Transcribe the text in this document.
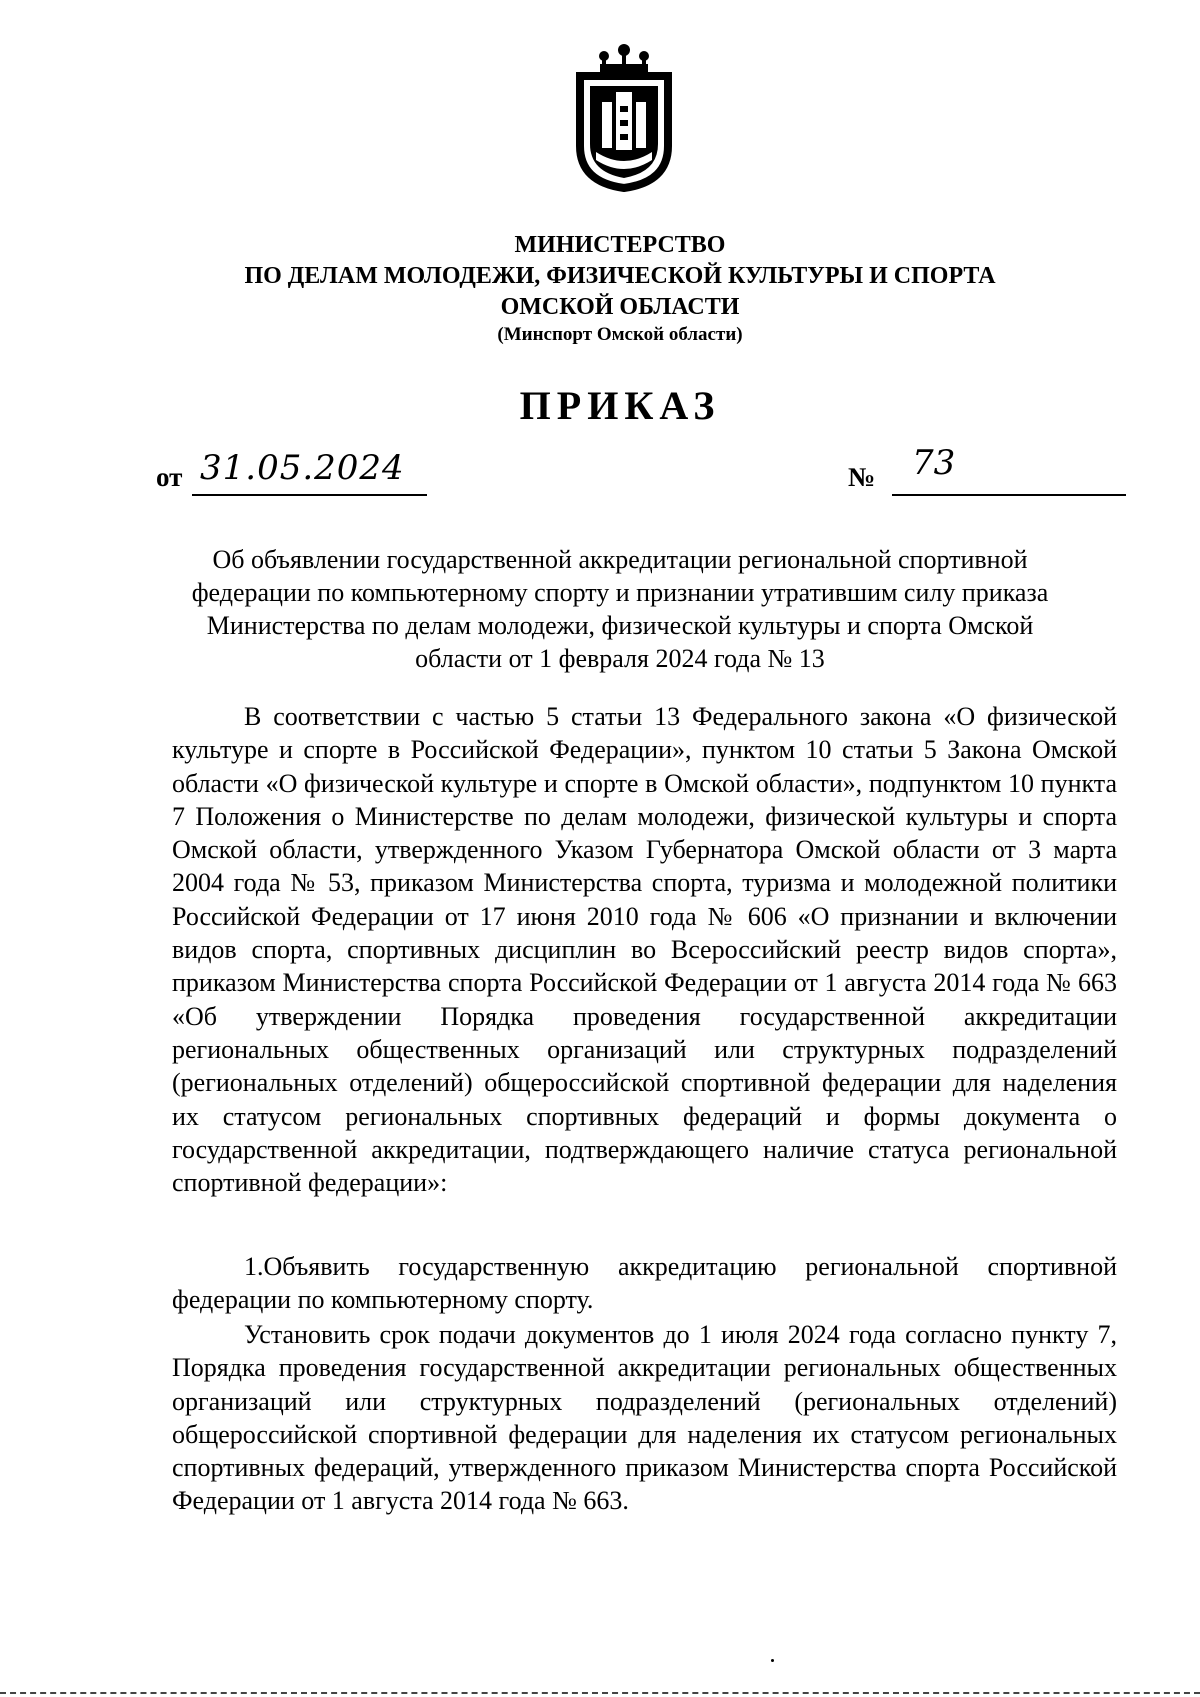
МИНИСТЕРСТВО
ПО ДЕЛАМ МОЛОДЕЖИ, ФИЗИЧЕСКОЙ КУЛЬТУРЫ И СПОРТА
ОМСКОЙ ОБЛАСТИ
(Минспорт Омской области)
ПРИКАЗ
от 31.05.2024	№ 73
Об объявлении государственной аккредитации региональной спортивной федерации по компьютерному спорту и признании утратившим силу приказа Министерства по делам молодежи, физической культуры и спорта Омской области от 1 февраля 2024 года № 13

В соответствии с частью 5 статьи 13 Федерального закона «О физической культуре и спорте в Российской Федерации», пунктом 10 статьи 5 Закона Омской области «О физической культуре и спорте в Омской области», подпунктом 10 пункта 7 Положения о Министерстве по делам молодежи, физической культуры и спорта Омской области, утвержденного Указом Губернатора Омской области от 3 марта 2004 года № 53, приказом Министерства спорта, туризма и молодежной политики Российской Федерации от 17 июня 2010 года № 606 «О признании и включении видов спорта, спортивных дисциплин во Всероссийский реестр видов спорта», приказом Министерства спорта Российской Федерации от 1 августа 2014 года № 663 «Об утверждении Порядка проведения государственной аккредитации региональных общественных организаций или структурных подразделений (региональных отделений) общероссийской спортивной федерации для наделения их статусом региональных спортивных федераций и формы документа о государственной аккредитации, подтверждающего наличие статуса региональной спортивной федерации»:

1.Объявить государственную аккредитацию региональной спортивной федерации по компьютерному спорту.

Установить срок подачи документов до 1 июля 2024 года согласно пункту 7, Порядка проведения государственной аккредитации региональных общественных организаций или структурных подразделений (региональных отделений) общероссийской спортивной федерации для наделения их статусом региональных спортивных федераций, утвержденного приказом Министерства спорта Российской Федерации от 1 августа 2014 года № 663.
